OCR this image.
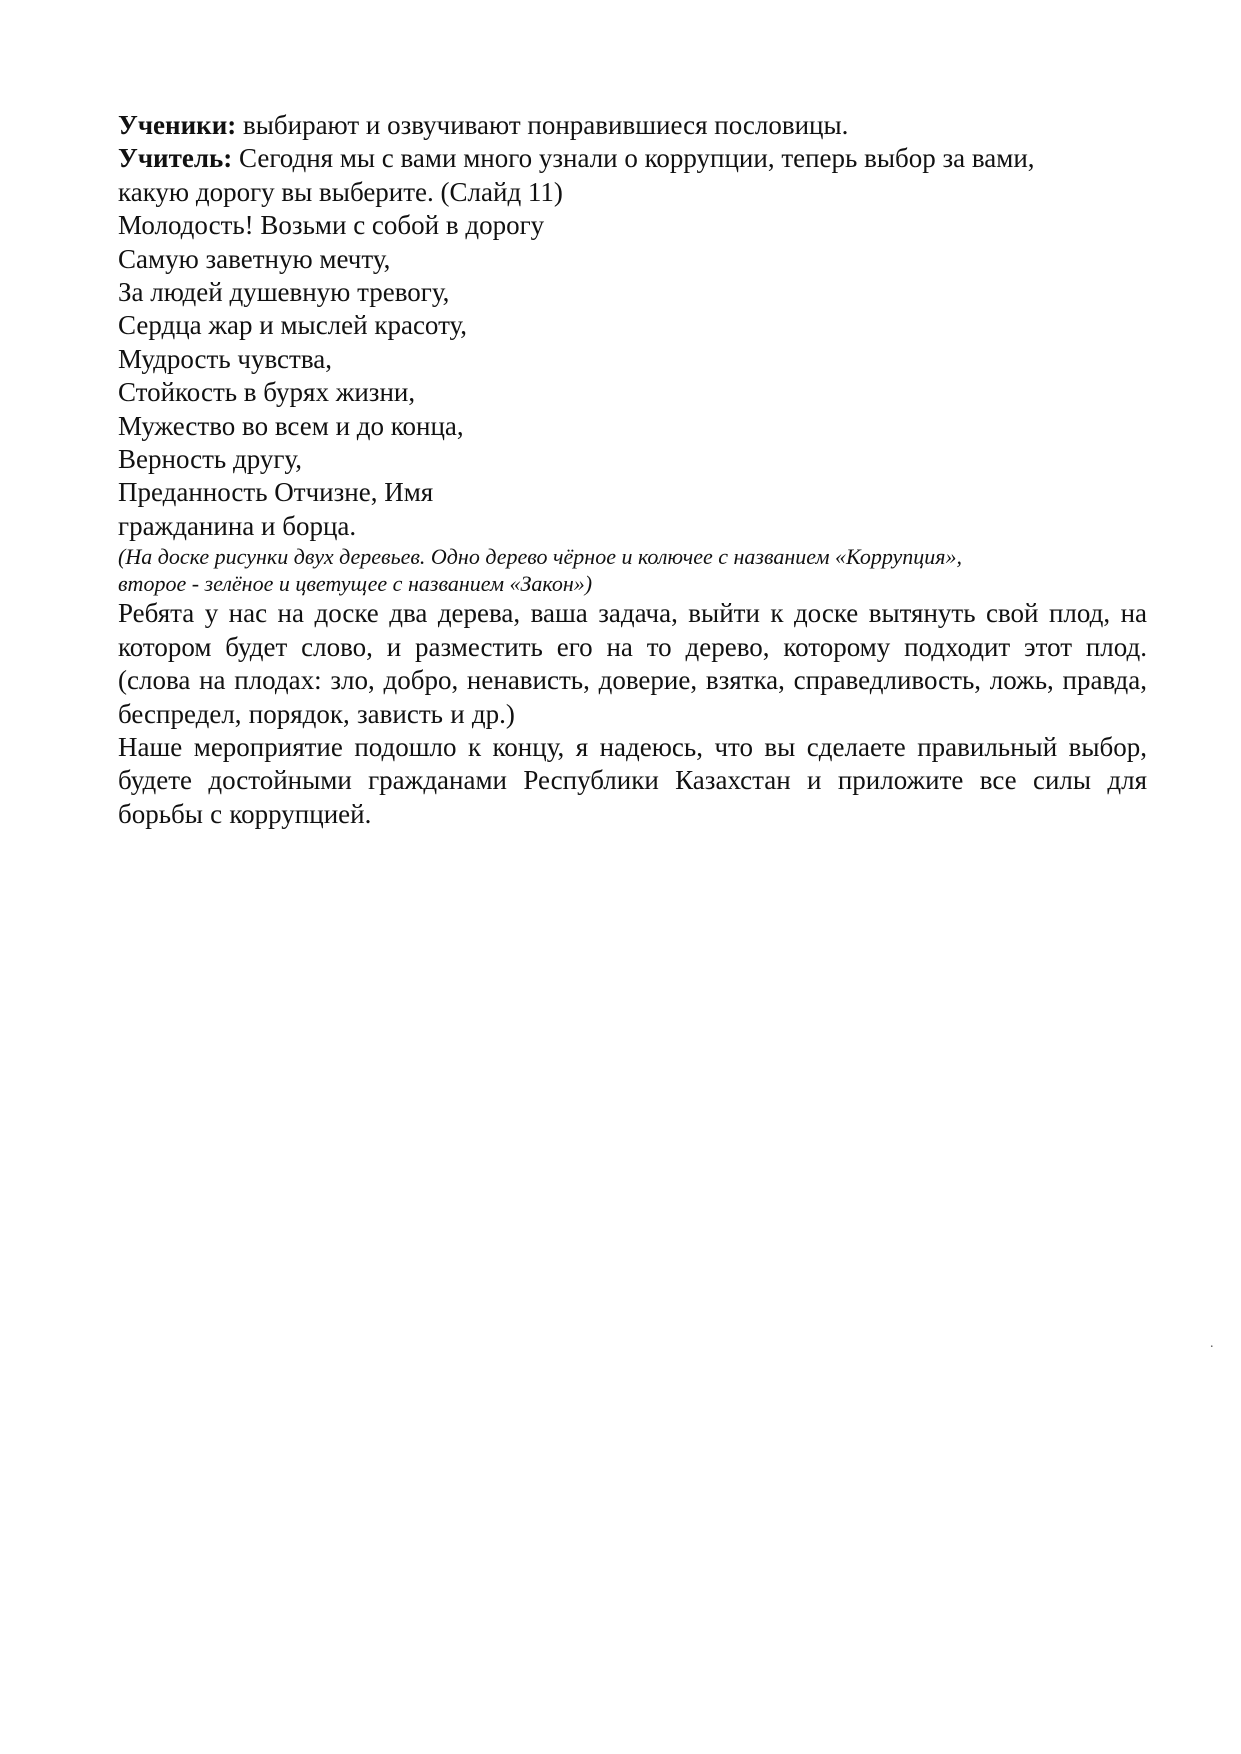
Ученики: выбирают и озвучивают понравившиеся пословицы.

Учитель: Сегодня мы с вами много узнали о коррупции, теперь выбор за вами,

какую дорогу вы выберите. (Слайд 11)

Молодость! Возьми с собой в дорогу

Самую заветную мечту,

За людей душевную тревогу,

Сердца жар и мыслей красоту,

Мудрость чувства,

Стойкость в бурях жизни,

Мужество во всем и до конца,

Верность другу,

Преданность Отчизне, Имя

гражданина и борца.

(На доске рисунки двух деревьев. Одно дерево чёрное и колючее с названием «Коррупция»,

второе - зелёное и цветущее с названием «Закон»)

Ребята у нас на доске два дерева, ваша задача, выйти к доске вытянуть свой плод, на котором будет слово, и разместить его на то дерево, которому подходит этот плод. (слова на плодах: зло, добро, ненависть, доверие, взятка, справедливость, ложь, правда, беспредел, порядок, зависть и др.)

Наше мероприятие подошло к концу, я надеюсь, что вы сделаете правильный выбор, будете достойными гражданами Республики Казахстан и приложите все силы для борьбы с коррупцией.

.
